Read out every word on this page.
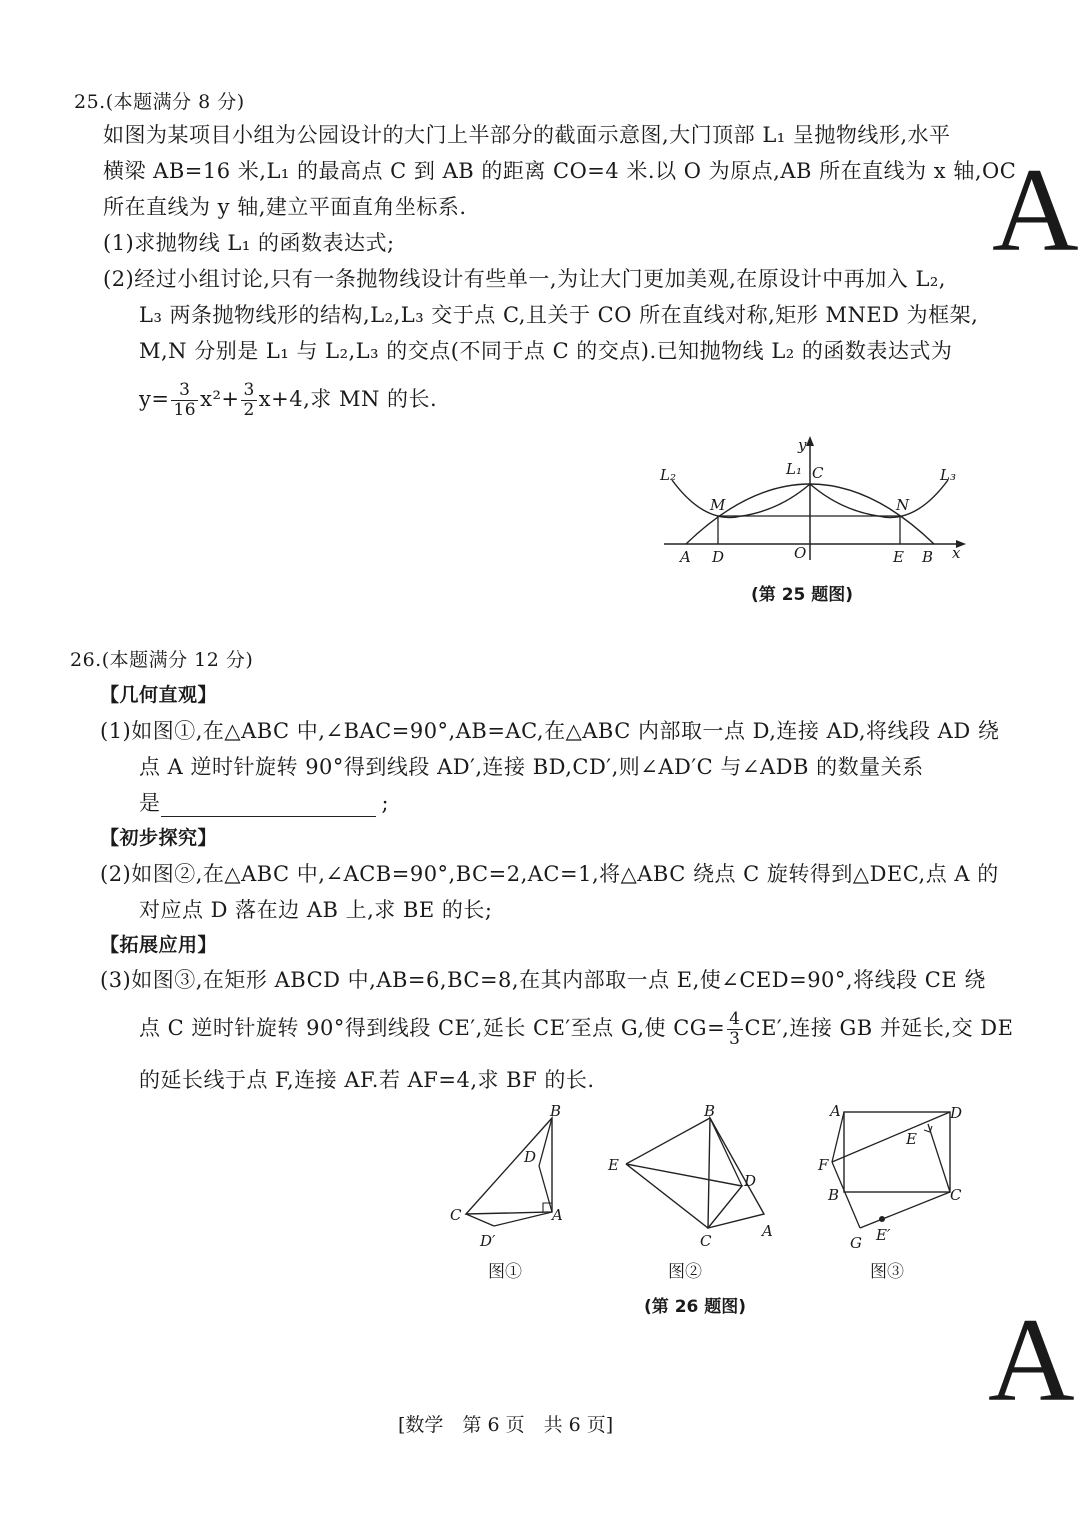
25.(本题满分 8 分)
如图为某项目小组为公园设计的大门上半部分的截面示意图,大门顶部 L₁ 呈抛物线形,水平
横梁 AB=16 米,L₁ 的最高点 C 到 AB 的距离 CO=4 米.以 O 为原点,AB 所在直线为 x 轴,OC
所在直线为 y 轴,建立平面直角坐标系.
(1)求抛物线 L₁ 的函数表达式;
(2)经过小组讨论,只有一条抛物线设计有些单一,为让大门更加美观,在原设计中再加入 L₂,
L₃ 两条抛物线形的结构,L₂,L₃ 交于点 C,且关于 CO 所在直线对称,矩形 MNED 为框架,
M,N 分别是 L₁ 与 L₂,L₃ 的交点(不同于点 C 的交点).已知抛物线 L₂ 的函数表达式为
$y= \frac{3}{16} x^2+ \frac{3}{2} x+4$,求 MN 的长.
y
L₁ C
L₂	L₃
M	N
A D	O	E B x
(第 25 题图)
A
26.(本题满分 12 分)
【几何直观】
(1)如图①,在△ABC 中,∠BAC=90°,AB=AC,在△ABC 内部取一点 D,连接 AD,将线段 AD 绕
点 A 逆时针旋转 90°得到线段 AD′,连接 BD,CD′,则∠AD′C 与∠ADB 的数量关系
是	;
【初步探究】
(2)如图②,在△ABC 中,∠ACB=90°,BC=2,AC=1,将△ABC 绕点 C 旋转得到△DEC,点 A 的
对应点 D 落在边 AB 上,求 BE 的长;
【拓展应用】
(3)如图③,在矩形 ABCD 中,AB=6,BC=8,在其内部取一点 E,使∠CED=90°,将线段 CE 绕
点 C 逆时针旋转 90°得到线段 CE′,延长 CE′至点 G,使 $CG= \frac{4}{3} CE'$,连接 GB 并延长,交 DE
的延长线于点 F,连接 AF.若 AF=4,求 BF 的长.
B
D
C	A
D′
图①
B
E
D
C
A
图②
A	D
E
F
B	C
G E′
图③
(第 26 题图) A
[数学　第 6 页　共 6 页]
